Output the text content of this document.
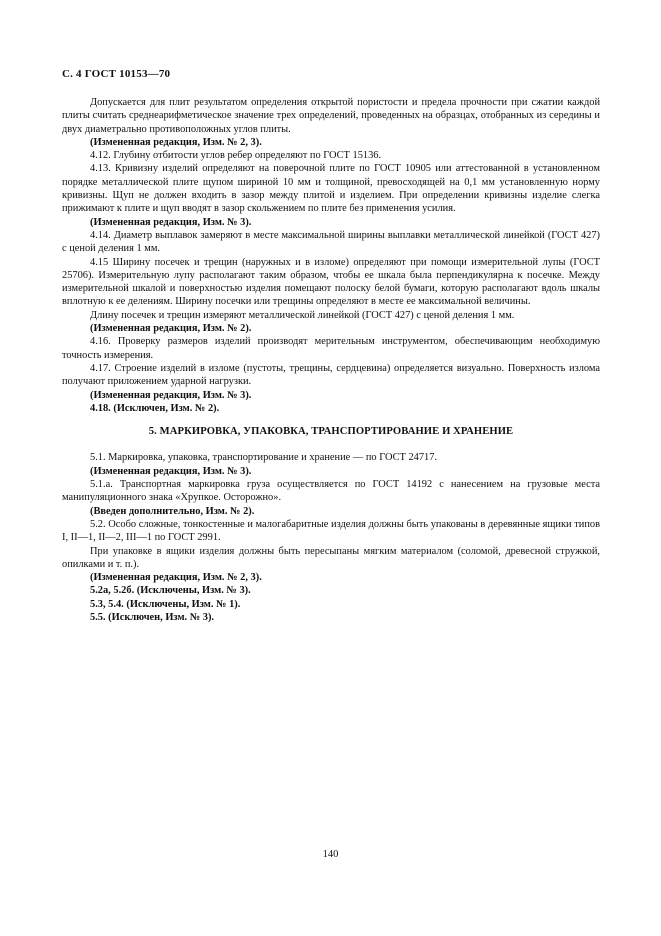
С. 4 ГОСТ 10153—70

Допускается для плит результатом определения открытой пористости и предела прочности при сжатии каждой плиты считать среднеарифметическое значение трех определений, проведенных на образцах, отобранных из середины и двух диаметрально противоположных углов плиты.

(Измененная редакция, Изм. № 2, 3).

4.12. Глубину отбитости углов ребер определяют по ГОСТ 15136.

4.13. Кривизну изделий определяют на поверочной плите по ГОСТ 10905 или аттестованной в установленном порядке металлической плите щупом шириной 10 мм и толщиной, превосходящей на 0,1 мм установленную норму кривизны. Щуп не должен входить в зазор между плитой и изделием. При определении кривизны изделие слегка прижимают к плите и щуп вводят в зазор скольжением по плите без применения усилия.

(Измененная редакция, Изм. № 3).

4.14. Диаметр выплавок замеряют в месте максимальной ширины выплавки металлической линейкой (ГОСТ 427) с ценой деления 1 мм.

4.15 Ширину посечек и трещин (наружных и в изломе) определяют при помощи измерительной лупы (ГОСТ 25706). Измерительную лупу располагают таким образом, чтобы ее шкала была перпендикулярна к посечке. Между измерительной шкалой и поверхностью изделия помещают полоску белой бумаги, которую располагают вдоль шкалы вплотную к ее делениям. Ширину посечки или трещины определяют в месте ее максимальной величины.

Длину посечек и трещин измеряют металлической линейкой (ГОСТ 427) с ценой деления 1 мм.

(Измененная редакция, Изм. № 2).

4.16. Проверку размеров изделий производят мерительным инструментом, обеспечивающим необходимую точность измерения.

4.17. Строение изделий в изломе (пустоты, трещины, сердцевина) определяется визуально. Поверхность излома получают приложением ударной нагрузки.

(Измененная редакция, Изм. № 3).

4.18. (Исключен, Изм. № 2).

5. МАРКИРОВКА, УПАКОВКА, ТРАНСПОРТИРОВАНИЕ И ХРАНЕНИЕ

5.1. Маркировка, упаковка, транспортирование и хранение — по ГОСТ 24717.

(Измененная редакция, Изм. № 3).

5.1.а. Транспортная маркировка груза осуществляется по ГОСТ 14192 с нанесением на грузовые места манипуляционного знака «Хрупкое. Осторожно».

(Введен дополнительно, Изм. № 2).

5.2. Особо сложные, тонкостенные и малогабаритные изделия должны быть упакованы в деревянные ящики типов I, II—1, II—2, III—1 по ГОСТ 2991.

При упаковке в ящики изделия должны быть пересыпаны мягким материалом (соломой, древесной стружкой, опилками и т. п.).

(Измененная редакция, Изм. № 2, 3).

5.2а, 5.2б. (Исключены, Изм. № 3).

5.3, 5.4. (Исключены, Изм. № 1).

5.5. (Исключен, Изм. № 3).

140
